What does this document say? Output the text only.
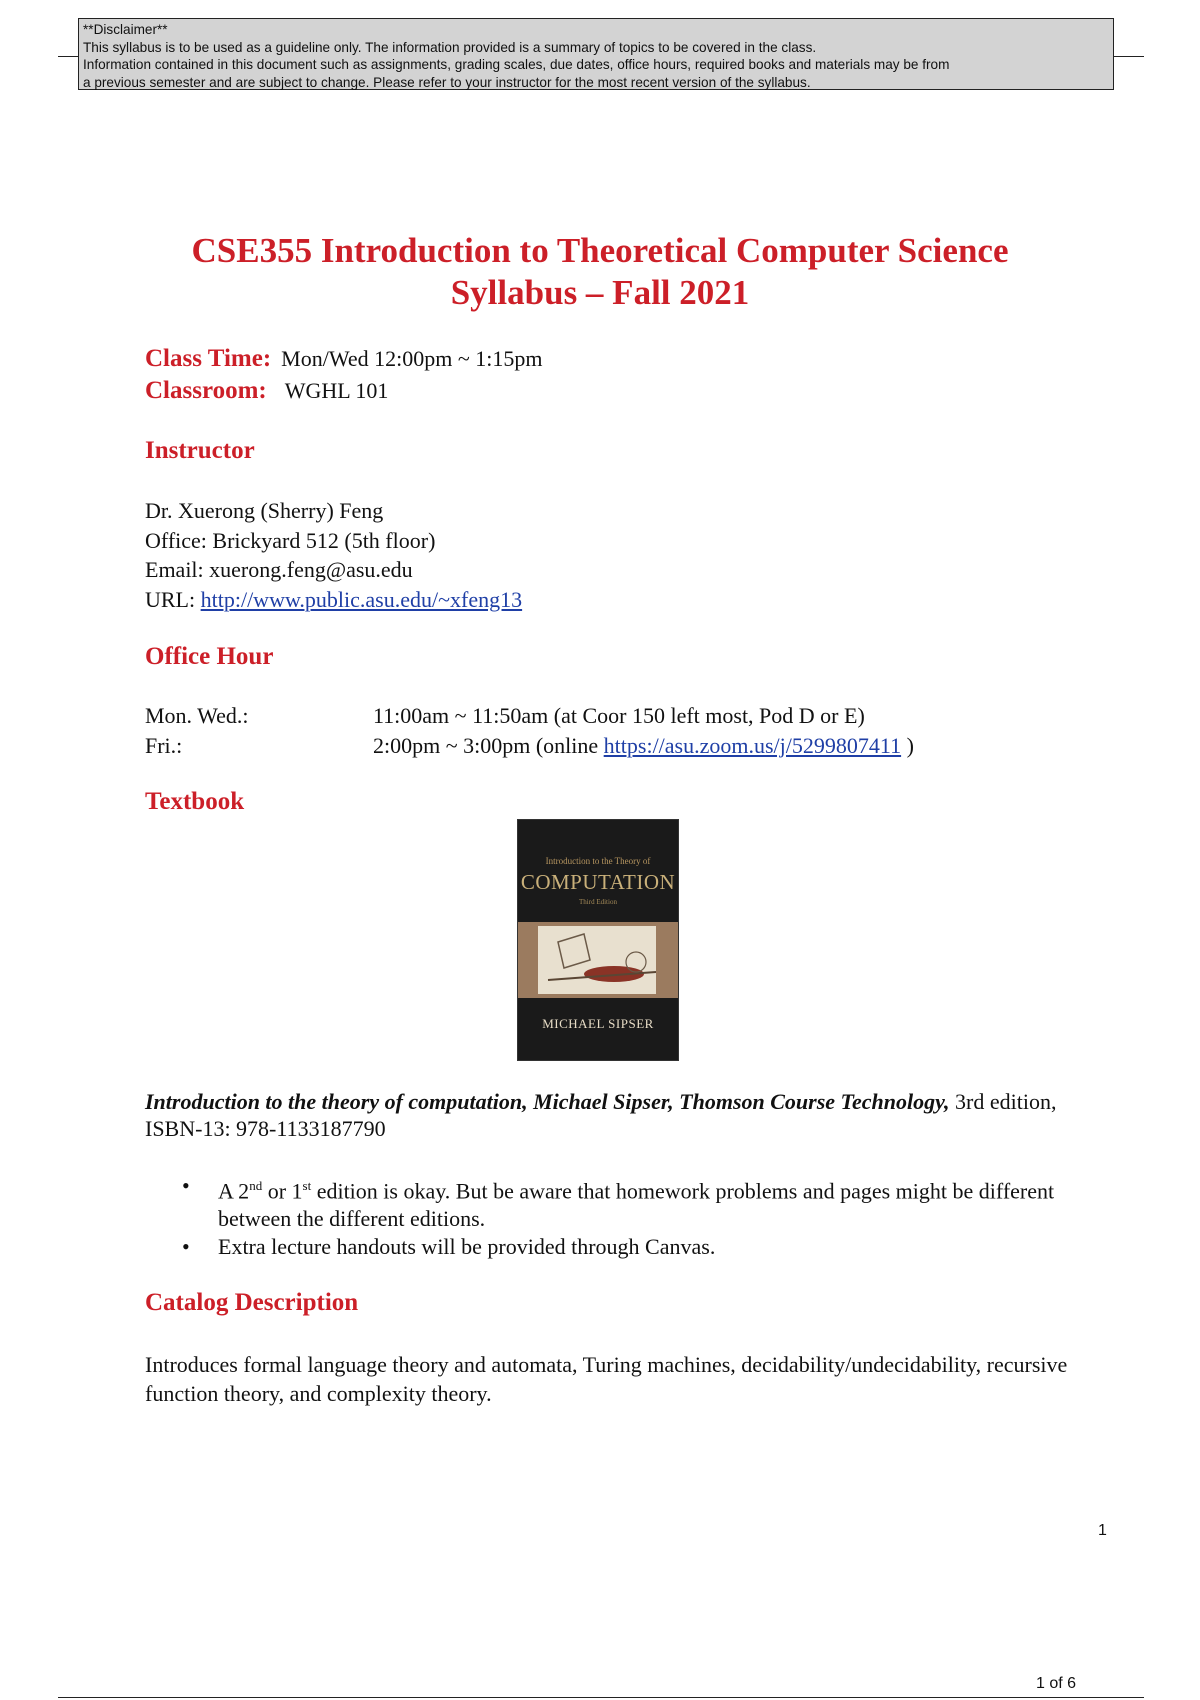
**Disclaimer**
This syllabus is to be used as a guideline only. The information provided is a summary of topics to be covered in the class.
Information contained in this document such as assignments, grading scales, due dates, office hours, required books and materials may be from
a previous semester and are subject to change. Please refer to your instructor for the most recent version of the syllabus.
CSE355 Introduction to Theoretical Computer Science
Syllabus – Fall 2021
Class Time: Mon/Wed 12:00pm ~ 1:15pm
Classroom: WGHL 101
Instructor
Dr. Xuerong (Sherry) Feng
Office: Brickyard 512 (5th floor)
Email: xuerong.feng@asu.edu
URL: http://www.public.asu.edu/~xfeng13
Office Hour
Mon. Wed.:	11:00am ~ 11:50am (at Coor 150 left most, Pod D or E)
Fri.:	2:00pm ~ 3:00pm (online https://asu.zoom.us/j/5299807411 )
Textbook
Introduction to the Theory of
COMPUTATION
Third Edition
MICHAEL SIPSER
Introduction to the theory of computation, Michael Sipser, Thomson Course Technology, 3rd edition, ISBN-13: 978-1133187790
• A 2nd or 1st edition is okay. But be aware that homework problems and pages might be different between the different editions.
• Extra lecture handouts will be provided through Canvas.
Catalog Description
Introduces formal language theory and automata, Turing machines, decidability/undecidability, recursive function theory, and complexity theory.
1
1 of 6
